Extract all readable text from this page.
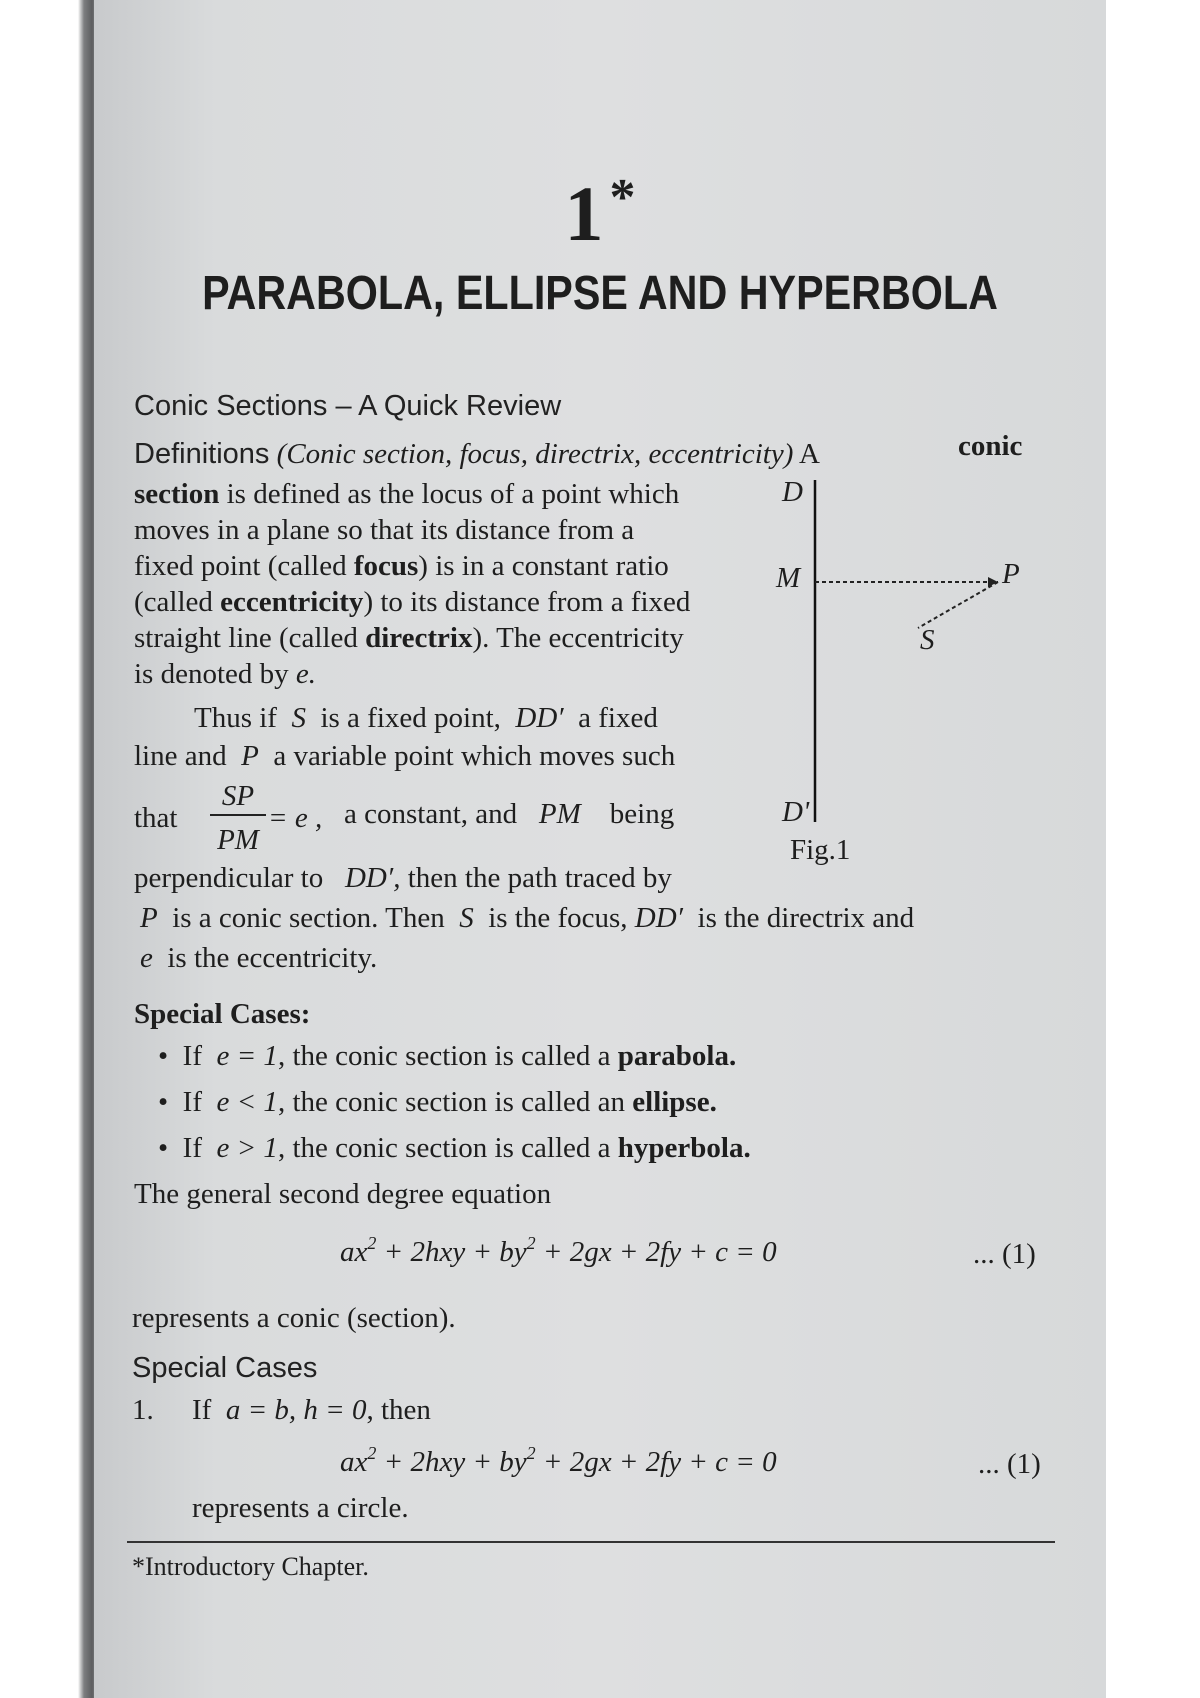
1 *
PARABOLA, ELLIPSE AND HYPERBOLA
Conic Sections – A Quick Review
Definitions (Conic section, focus, directrix, eccentricity) A	conic
section is defined as the locus of a point which
moves in a plane so that its distance from a
fixed point (called focus) is in a constant ratio
(called eccentricity) to its distance from a fixed
straight line (called directrix). The eccentricity
is denoted by e.
Thus if S is a fixed point, DD′ a fixed
line and P a variable point which moves such
that
SP
PM
= e , a constant, and PM being
perpendicular to DD′, then the path traced by
P is a conic section. Then S is the focus, DD′ is the directrix and
e is the eccentricity.
D
M	P
S
D'
Fig.1
Special Cases:
• If e = 1, the conic section is called a parabola.
• If e < 1, the conic section is called an ellipse.
• If e > 1, the conic section is called a hyperbola.
The general second degree equation
$ax^2 + 2hxy + by^2 + 2gx + 2fy + c = 0$	... (1)
represents a conic (section).
Special Cases
1. If a = b, h = 0, then
$ax^2 + 2hxy + by^2 + 2gx + 2fy + c = 0$	... (1)
represents a circle.
*Introductory Chapter.
